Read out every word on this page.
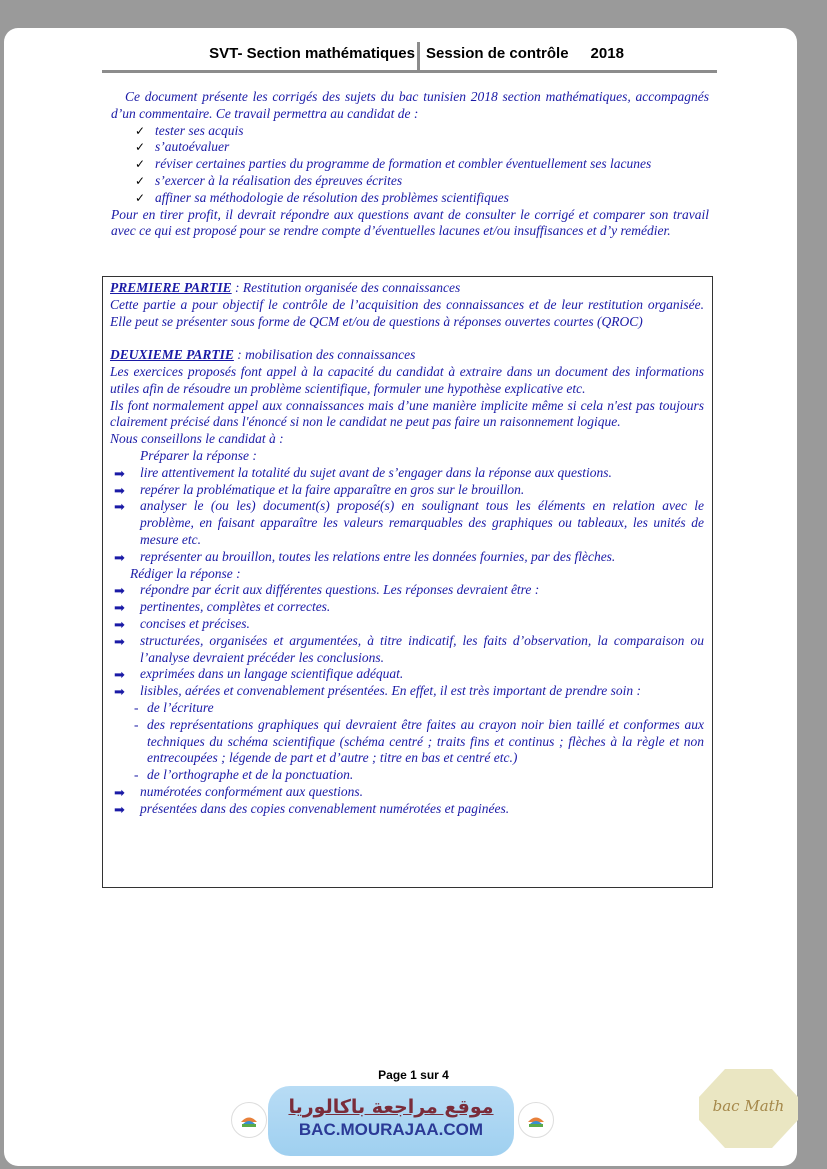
SVT- Section mathématiques Session de contrôle 2018

Ce document présente les corrigés des sujets du bac tunisien 2018 section mathématiques, accompagnés d’un commentaire. Ce travail permettra au candidat de :

✓ tester ses acquis
✓ s’autoévaluer
✓ réviser certaines parties du programme de formation et combler éventuellement ses lacunes
✓ s’exercer à la réalisation des épreuves écrites
✓ affiner sa méthodologie de résolution des problèmes scientifiques

Pour en tirer profit, il devrait répondre aux questions avant de consulter le corrigé et comparer son travail avec ce qui est proposé pour se rendre compte d’éventuelles lacunes et/ou insuffisances et d’y remédier.

PREMIERE PARTIE : Restitution organisée des connaissances

Cette partie a pour objectif le contrôle de l’acquisition des connaissances et de leur restitution organisée. Elle peut se présenter sous forme de QCM et/ou de questions à réponses ouvertes courtes (QROC)

DEUXIEME PARTIE : mobilisation des connaissances

Les exercices proposés font appel à la capacité du candidat à extraire dans un document des informations utiles afin de résoudre un problème scientifique, formuler une hypothèse explicative etc.

Ils font normalement appel aux connaissances mais d’une manière implicite même si cela n'est pas toujours clairement précisé dans l'énoncé si non le candidat ne peut pas faire un raisonnement logique.

Nous conseillons le candidat à :

Préparer la réponse :

➡ lire attentivement la totalité du sujet avant de s’engager dans la réponse aux questions.
➡ repérer la problématique et la faire apparaître en gros sur le brouillon.
➡ analyser le (ou les) document(s) proposé(s) en soulignant tous les éléments en relation avec le problème, en faisant apparaître les valeurs remarquables des graphiques ou tableaux, les unités de mesure etc.
➡ représenter au brouillon, toutes les relations entre les données fournies, par des flèches.

Rédiger la réponse :

➡ répondre par écrit aux différentes questions. Les réponses devraient être :
➡ pertinentes, complètes et correctes.
➡ concises et précises.
➡ structurées, organisées et argumentées, à titre indicatif, les faits d’observation, la comparaison ou l’analyse devraient précéder les conclusions.
➡ exprimées dans un langage scientifique adéquat.
➡ lisibles, aérées et convenablement présentées. En effet, il est très important de prendre soin :
- de l’écriture
- des représentations graphiques qui devraient être faites au crayon noir bien taillé et conformes aux techniques du schéma scientifique (schéma centré ; traits fins et continus ; flèches à la règle et non entrecoupées ; légende de part et d’autre ; titre en bas et centré etc.)
- de l’orthographe et de la ponctuation.
➡ numérotées conformément aux questions.
➡ présentées dans des copies convenablement numérotées et paginées.
Page 1 sur 4
موقع مراجعة باكالوريا
BAC.MOURAJAA.COM
bac Math
